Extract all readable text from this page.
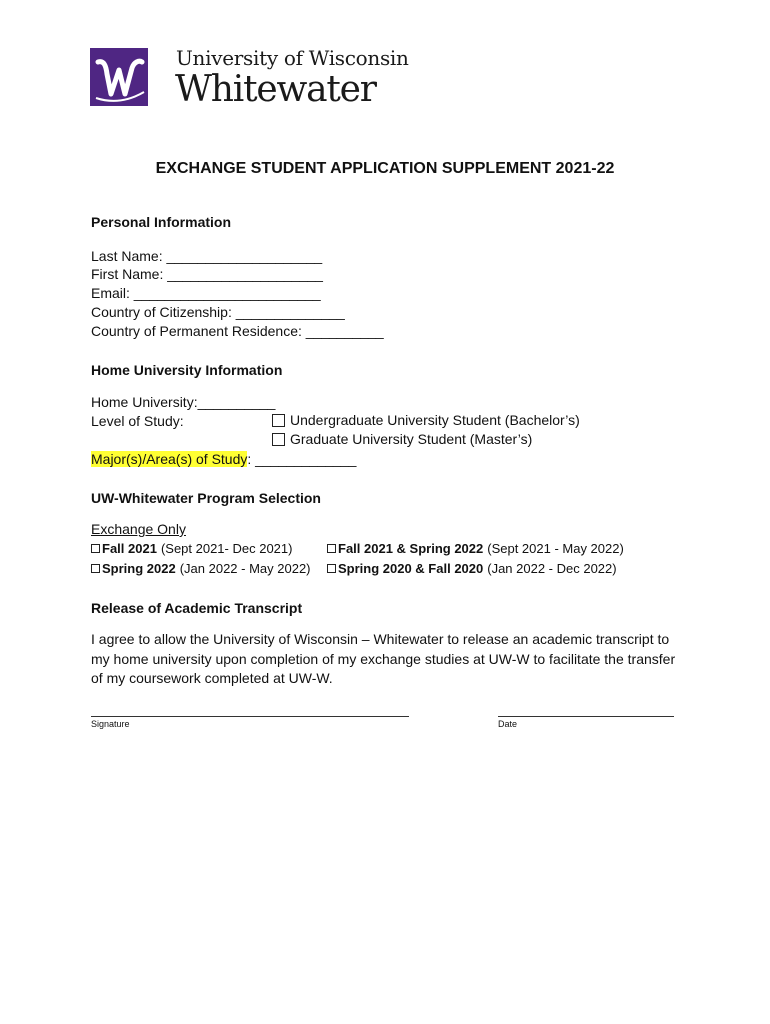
University of Wisconsin
Whitewater
EXCHANGE STUDENT APPLICATION SUPPLEMENT 2021-22
Personal Information
Last Name: ____________________
First Name: ____________________
Email: ________________________
Country of Citizenship: ______________
Country of Permanent Residence: __________
Home University Information
Home University:__________
Level of Study:	Undergraduate University Student (Bachelor’s)
Graduate University Student (Master’s)
Major(s)/Area(s) of Study: _____________
UW-Whitewater Program Selection
Exchange Only
Fall 2021 (Sept 2021- Dec 2021)
Spring 2022 (Jan 2022 - May 2022)
Fall 2021 & Spring 2022 (Sept 2021 - May 2022)
Spring 2020 & Fall 2020 (Jan 2022 - Dec 2022)
Release of Academic Transcript
I agree to allow the University of Wisconsin – Whitewater to release an academic transcript to my home university upon completion of my exchange studies at UW-W to facilitate the transfer of my coursework completed at UW-W.
Signature	Date
